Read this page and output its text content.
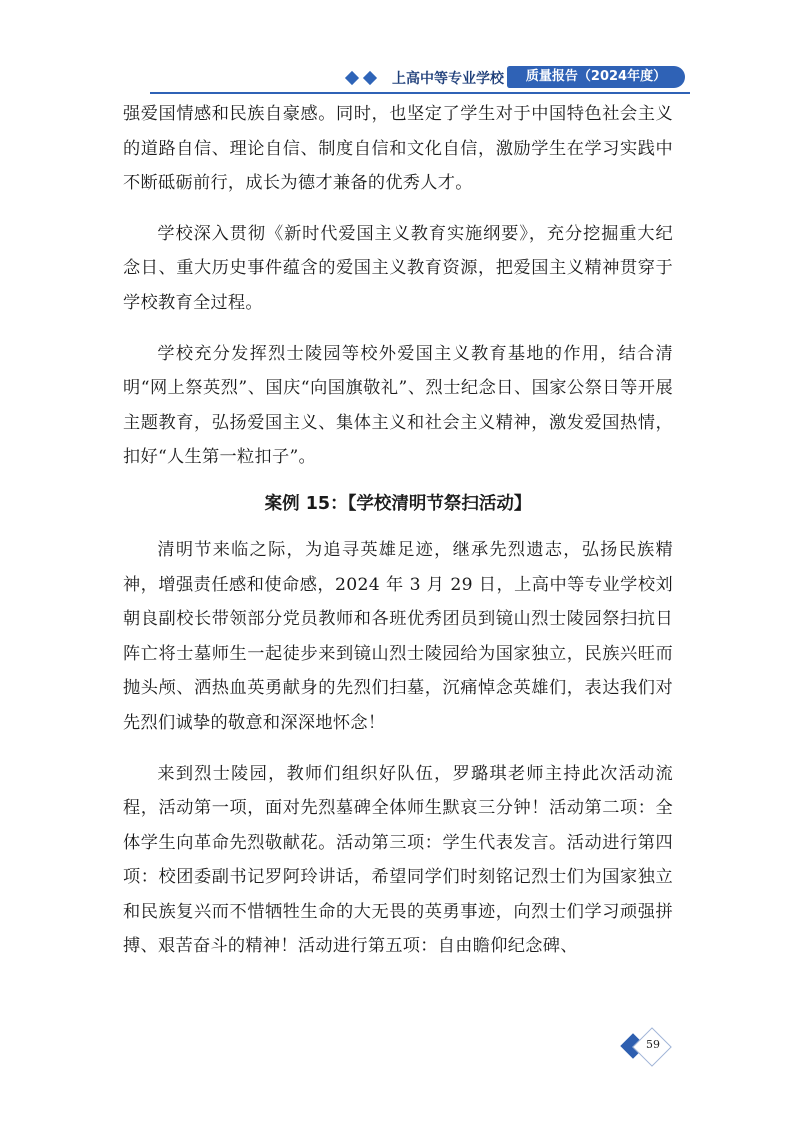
上高中等专业学校	质量报告（2024年度）

强爱国情感和民族自豪感。同时，也坚定了学生对于中国特色社会主义的道路自信、理论自信、制度自信和文化自信，激励学生在学习实践中不断砥砺前行，成长为德才兼备的优秀人才。

学校深入贯彻《新时代爱国主义教育实施纲要》，充分挖掘重大纪念日、重大历史事件蕴含的爱国主义教育资源，把爱国主义精神贯穿于学校教育全过程。

学校充分发挥烈士陵园等校外爱国主义教育基地的作用，结合清明“网上祭英烈”、国庆“向国旗敬礼”、烈士纪念日、国家公祭日等开展主题教育，弘扬爱国主义、集体主义和社会主义精神，激发爱国热情，扣好“人生第一粒扣子”。

案例 15：【学校清明节祭扫活动】

清明节来临之际，为追寻英雄足迹，继承先烈遗志，弘扬民族精神，增强责任感和使命感，2024 年 3 月 29 日，上高中等专业学校刘朝良副校长带领部分党员教师和各班优秀团员到镜山烈士陵园祭扫抗日阵亡将士墓师生一起徒步来到镜山烈士陵园给为国家独立，民族兴旺而抛头颅、洒热血英勇献身的先烈们扫墓，沉痛悼念英雄们，表达我们对先烈们诚挚的敬意和深深地怀念！

来到烈士陵园，教师们组织好队伍，罗璐琪老师主持此次活动流程，活动第一项，面对先烈墓碑全体师生默哀三分钟！活动第二项：全体学生向革命先烈敬献花。活动第三项：学生代表发言。活动进行第四项：校团委副书记罗阿玲讲话，希望同学们时刻铭记烈士们为国家独立和民族复兴而不惜牺牲生命的大无畏的英勇事迹，向烈士们学习顽强拼搏、艰苦奋斗的精神！活动进行第五项：自由瞻仰纪念碑、

59
